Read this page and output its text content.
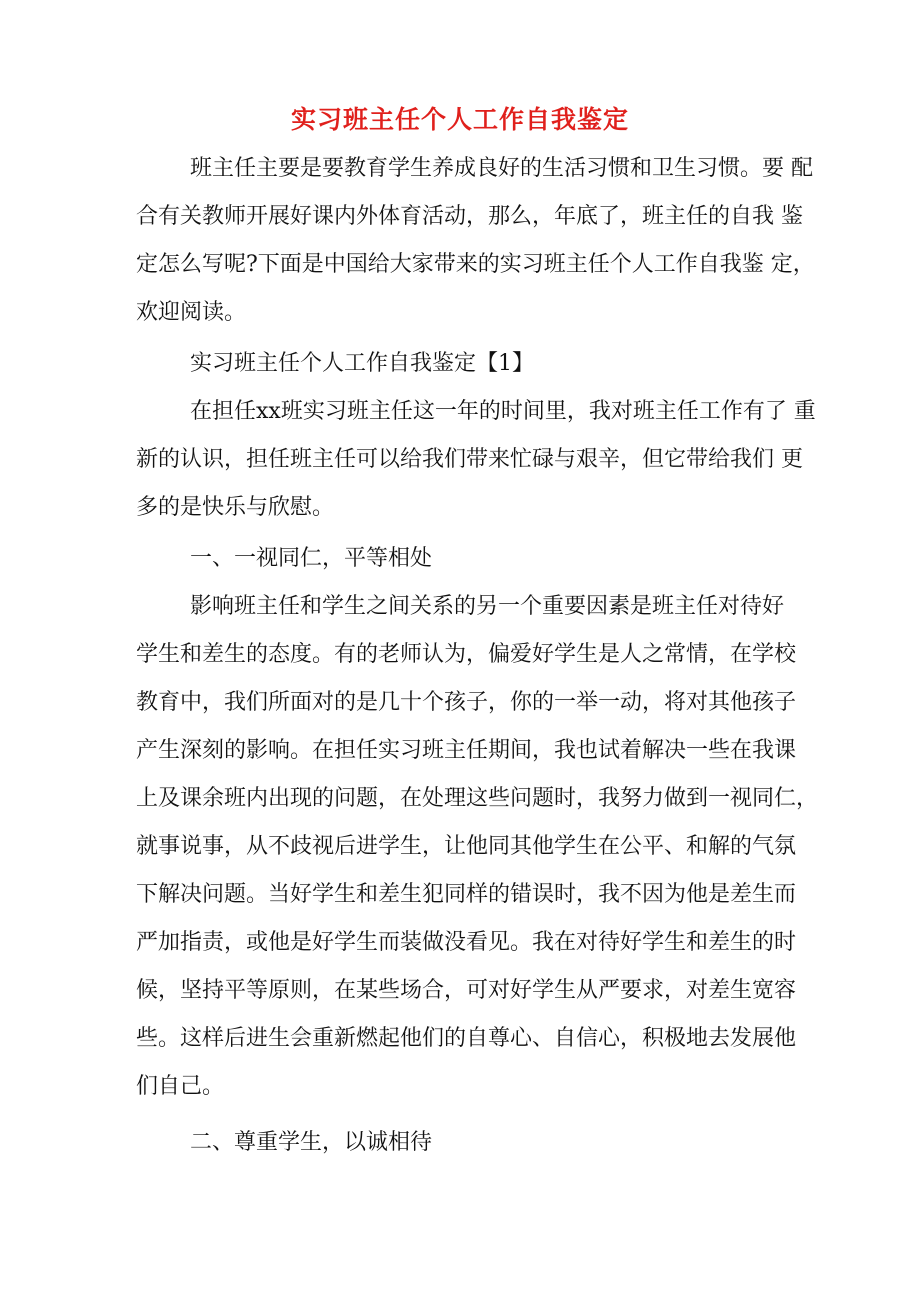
实习班主任个人工作自我鉴定
班主任主要是要教育学生养成良好的生活习惯和卫生习惯。要 配
合有关教师开展好课内外体育活动，那么，年底了，班主任的自我 鉴
定怎么写呢?下面是中国给大家带来的实习班主任个人工作自我鉴 定，
欢迎阅读。
实习班主任个人工作自我鉴定【1】
在担任xx班实习班主任这一年的时间里，我对班主任工作有了 重
新的认识，担任班主任可以给我们带来忙碌与艰辛，但它带给我们 更
多的是快乐与欣慰。
一、一视同仁，平等相处
影响班主任和学生之间关系的另一个重要因素是班主任对待好
学生和差生的态度。有的老师认为，偏爱好学生是人之常情，在学校
教育中，我们所面对的是几十个孩子，你的一举一动，将对其他孩子
产生深刻的影响。在担任实习班主任期间，我也试着解决一些在我课
上及课余班内出现的问题，在处理这些问题时，我努力做到一视同仁，
就事说事，从不歧视后进学生，让他同其他学生在公平、和解的气氛
下解决问题。当好学生和差生犯同样的错误时，我不因为他是差生而
严加指责，或他是好学生而装做没看见。我在对待好学生和差生的时
候，坚持平等原则，在某些场合，可对好学生从严要求，对差生宽容
些。这样后进生会重新燃起他们的自尊心、自信心，积极地去发展他
们自己。
二、尊重学生，以诚相待
